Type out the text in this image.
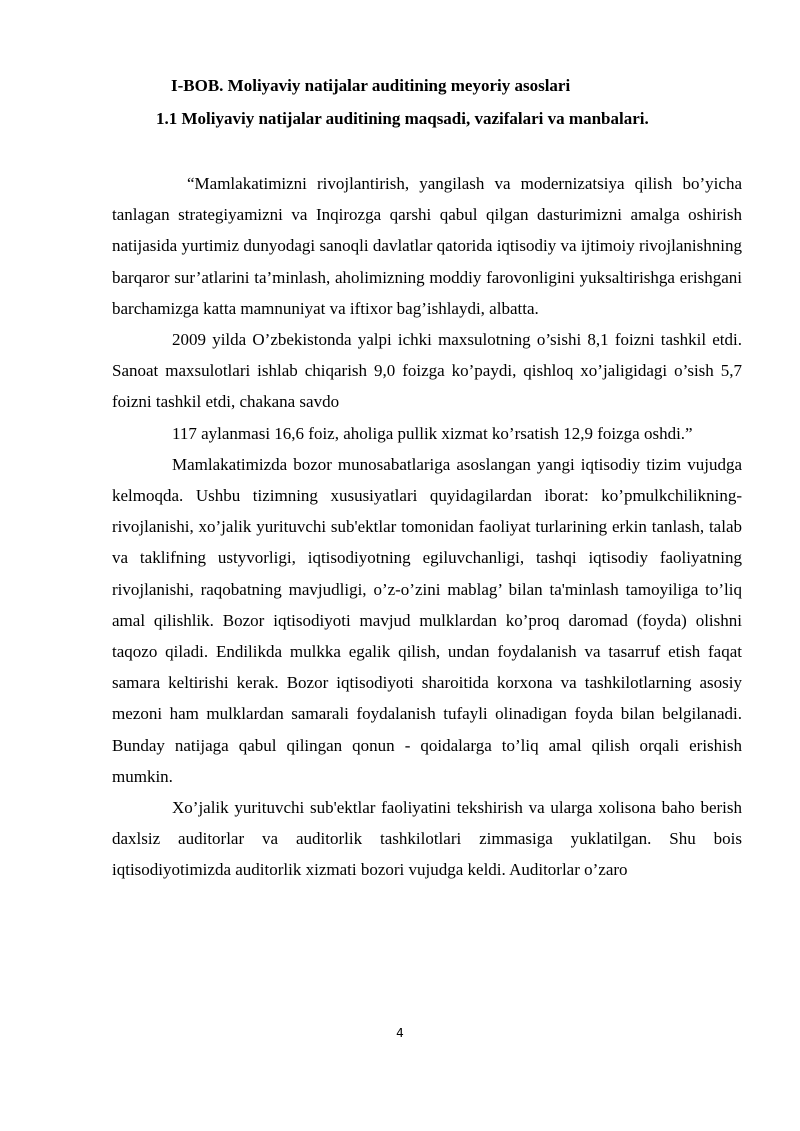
I-BOB. Moliyaviy natijalar auditining meyoriy asoslari
1.1 Moliyaviy natijalar auditining maqsadi, vazifalari va manbalari.

“Mamlakatimizni rivojlantirish, yangilash va modernizatsiya qilish bo’yicha tanlagan strategiyamizni va Inqirozga qarshi qabul qilgan dasturimizni amalga oshirish natijasida yurtimiz dunyodagi sanoqli davlatlar qatorida iqtisodiy va ijtimoiy rivojlanishning barqaror sur’atlarini ta’minlash, aholimizning moddiy farovonligini yuksaltirishga erishgani barchamizga katta mamnuniyat va iftixor bag’ishlaydi, albatta.

2009 yilda O’zbekistonda yalpi ichki maxsulotning o’sishi 8,1 foizni tashkil etdi. Sanoat maxsulotlari ishlab chiqarish 9,0 foizga ko’paydi, qishloq xo’jaligidagi o’sish 5,7 foizni tashkil etdi, chakana savdo

117 aylanmasi 16,6 foiz, aholiga pullik xizmat ko’rsatish 12,9 foizga oshdi.”

Mamlakatimizda bozor munosabatlariga asoslangan yangi iqtisodiy tizim vujudga kelmoqda. Ushbu tizimning xususiyatlari quyidagilardan iborat: ko’pmulkchilikning-rivojlanishi, xo’jalik yurituvchi sub'ektlar tomonidan faoliyat turlarining erkin tanlash, talab va taklifning ustyvorligi, iqtisodiyotning egiluvchanligi, tashqi iqtisodiy faoliyatning rivojlanishi, raqobatning mavjudligi, o’z-o’zini mablag’ bilan ta'minlash tamoyiliga to’liq amal qilishlik. Bozor iqtisodiyoti mavjud mulklardan ko’proq daromad (foyda) olishni taqozo qiladi. Endilikda mulkka egalik qilish, undan foydalanish va tasarruf etish faqat samara keltirishi kerak. Bozor iqtisodiyoti sharoitida korxona va tashkilotlarning asosiy mezoni ham mulklardan samarali foydalanish tufayli olinadigan foyda bilan belgilanadi. Bunday natijaga qabul qilingan qonun - qoidalarga to’liq amal qilish orqali erishish mumkin.

Xo’jalik yurituvchi sub'ektlar faoliyatini tekshirish va ularga xolisona baho berish daxlsiz auditorlar va auditorlik tashkilotlari zimmasiga yuklatilgan. Shu bois iqtisodiyotimizda auditorlik xizmati bozori vujudga keldi. Auditorlar o’zaro

4
